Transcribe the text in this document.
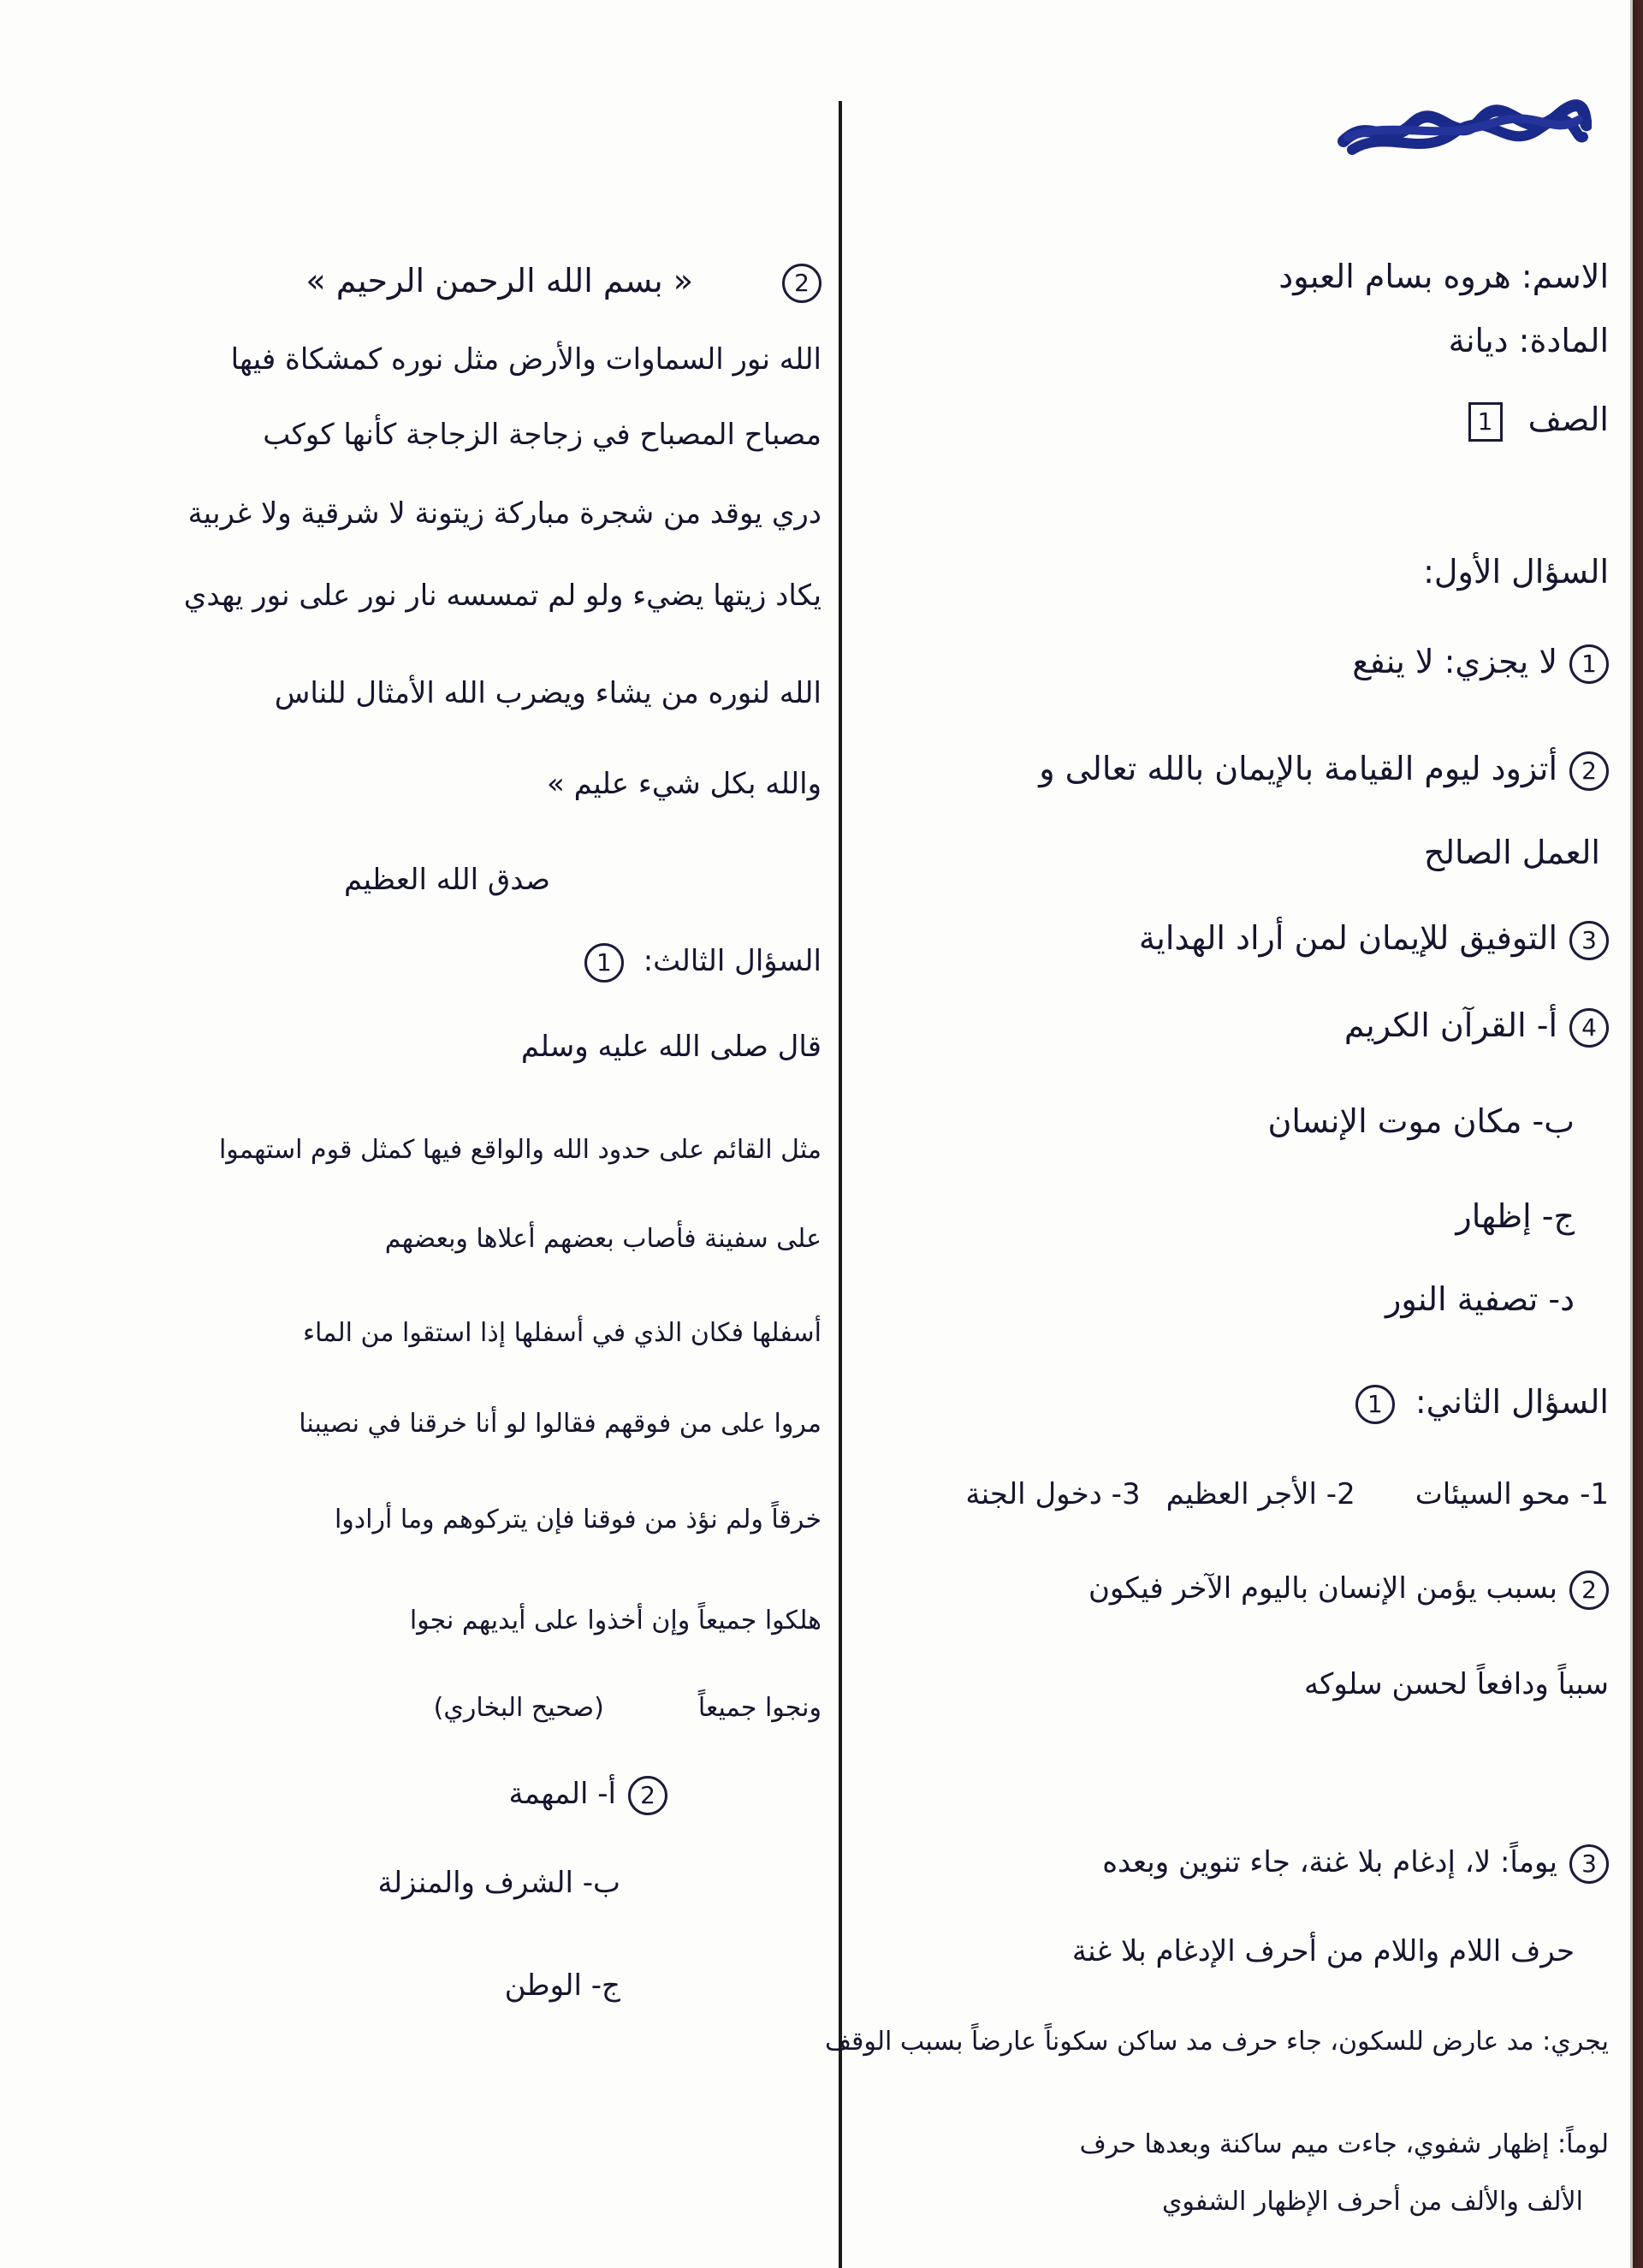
الاسم: هروه بسام العبود
المادة: ديانة
الصف1
السؤال الأول:
1لا يجزي: لا ينفع
2أتزود ليوم القيامة بالإيمان بالله تعالى و
العمل الصالح
3التوفيق للإيمان لمن أراد الهداية
4أ- القرآن الكريم
ب- مكان موت الإنسان
ج- إظهار
د- تصفية النور
السؤال الثاني: 1
1- محو السيئات2- الأجر العظيم3- دخول الجنة
2بسبب يؤمن الإنسان باليوم الآخر فيكون
سبباً ودافعاً لحسن سلوكه
3يوماً: لا، إدغام بلا غنة، جاء تنوين وبعده
حرف اللام واللام من أحرف الإدغام بلا غنة
يجري: مد عارض للسكون، جاء حرف مد ساكن سكوناً عارضاً بسبب الوقف
لوماً: إظهار شفوي، جاءت ميم ساكنة وبعدها حرف
الألف والألف من أحرف الإظهار الشفوي
2« بسم الله الرحمن الرحيم »
الله نور السماوات والأرض مثل نوره كمشكاة فيها
مصباح المصباح في زجاجة الزجاجة كأنها كوكب
دري يوقد من شجرة مباركة زيتونة لا شرقية ولا غربية
يكاد زيتها يضيء ولو لم تمسسه نار نور على نور يهدي
الله لنوره من يشاء ويضرب الله الأمثال للناس
والله بكل شيء عليم »
صدق الله العظيم
السؤال الثالث: 1
قال صلى الله عليه وسلم
مثل القائم على حدود الله والواقع فيها كمثل قوم استهموا
على سفينة فأصاب بعضهم أعلاها وبعضهم
أسفلها فكان الذي في أسفلها إذا استقوا من الماء
مروا على من فوقهم فقالوا لو أنا خرقنا في نصيبنا
خرقاً ولم نؤذ من فوقنا فإن يتركوهم وما أرادوا
هلكوا جميعاً وإن أخذوا على أيديهم نجوا
ونجوا جميعاً(صحيح البخاري)
2أ- المهمة
ب- الشرف والمنزلة
ج- الوطن
